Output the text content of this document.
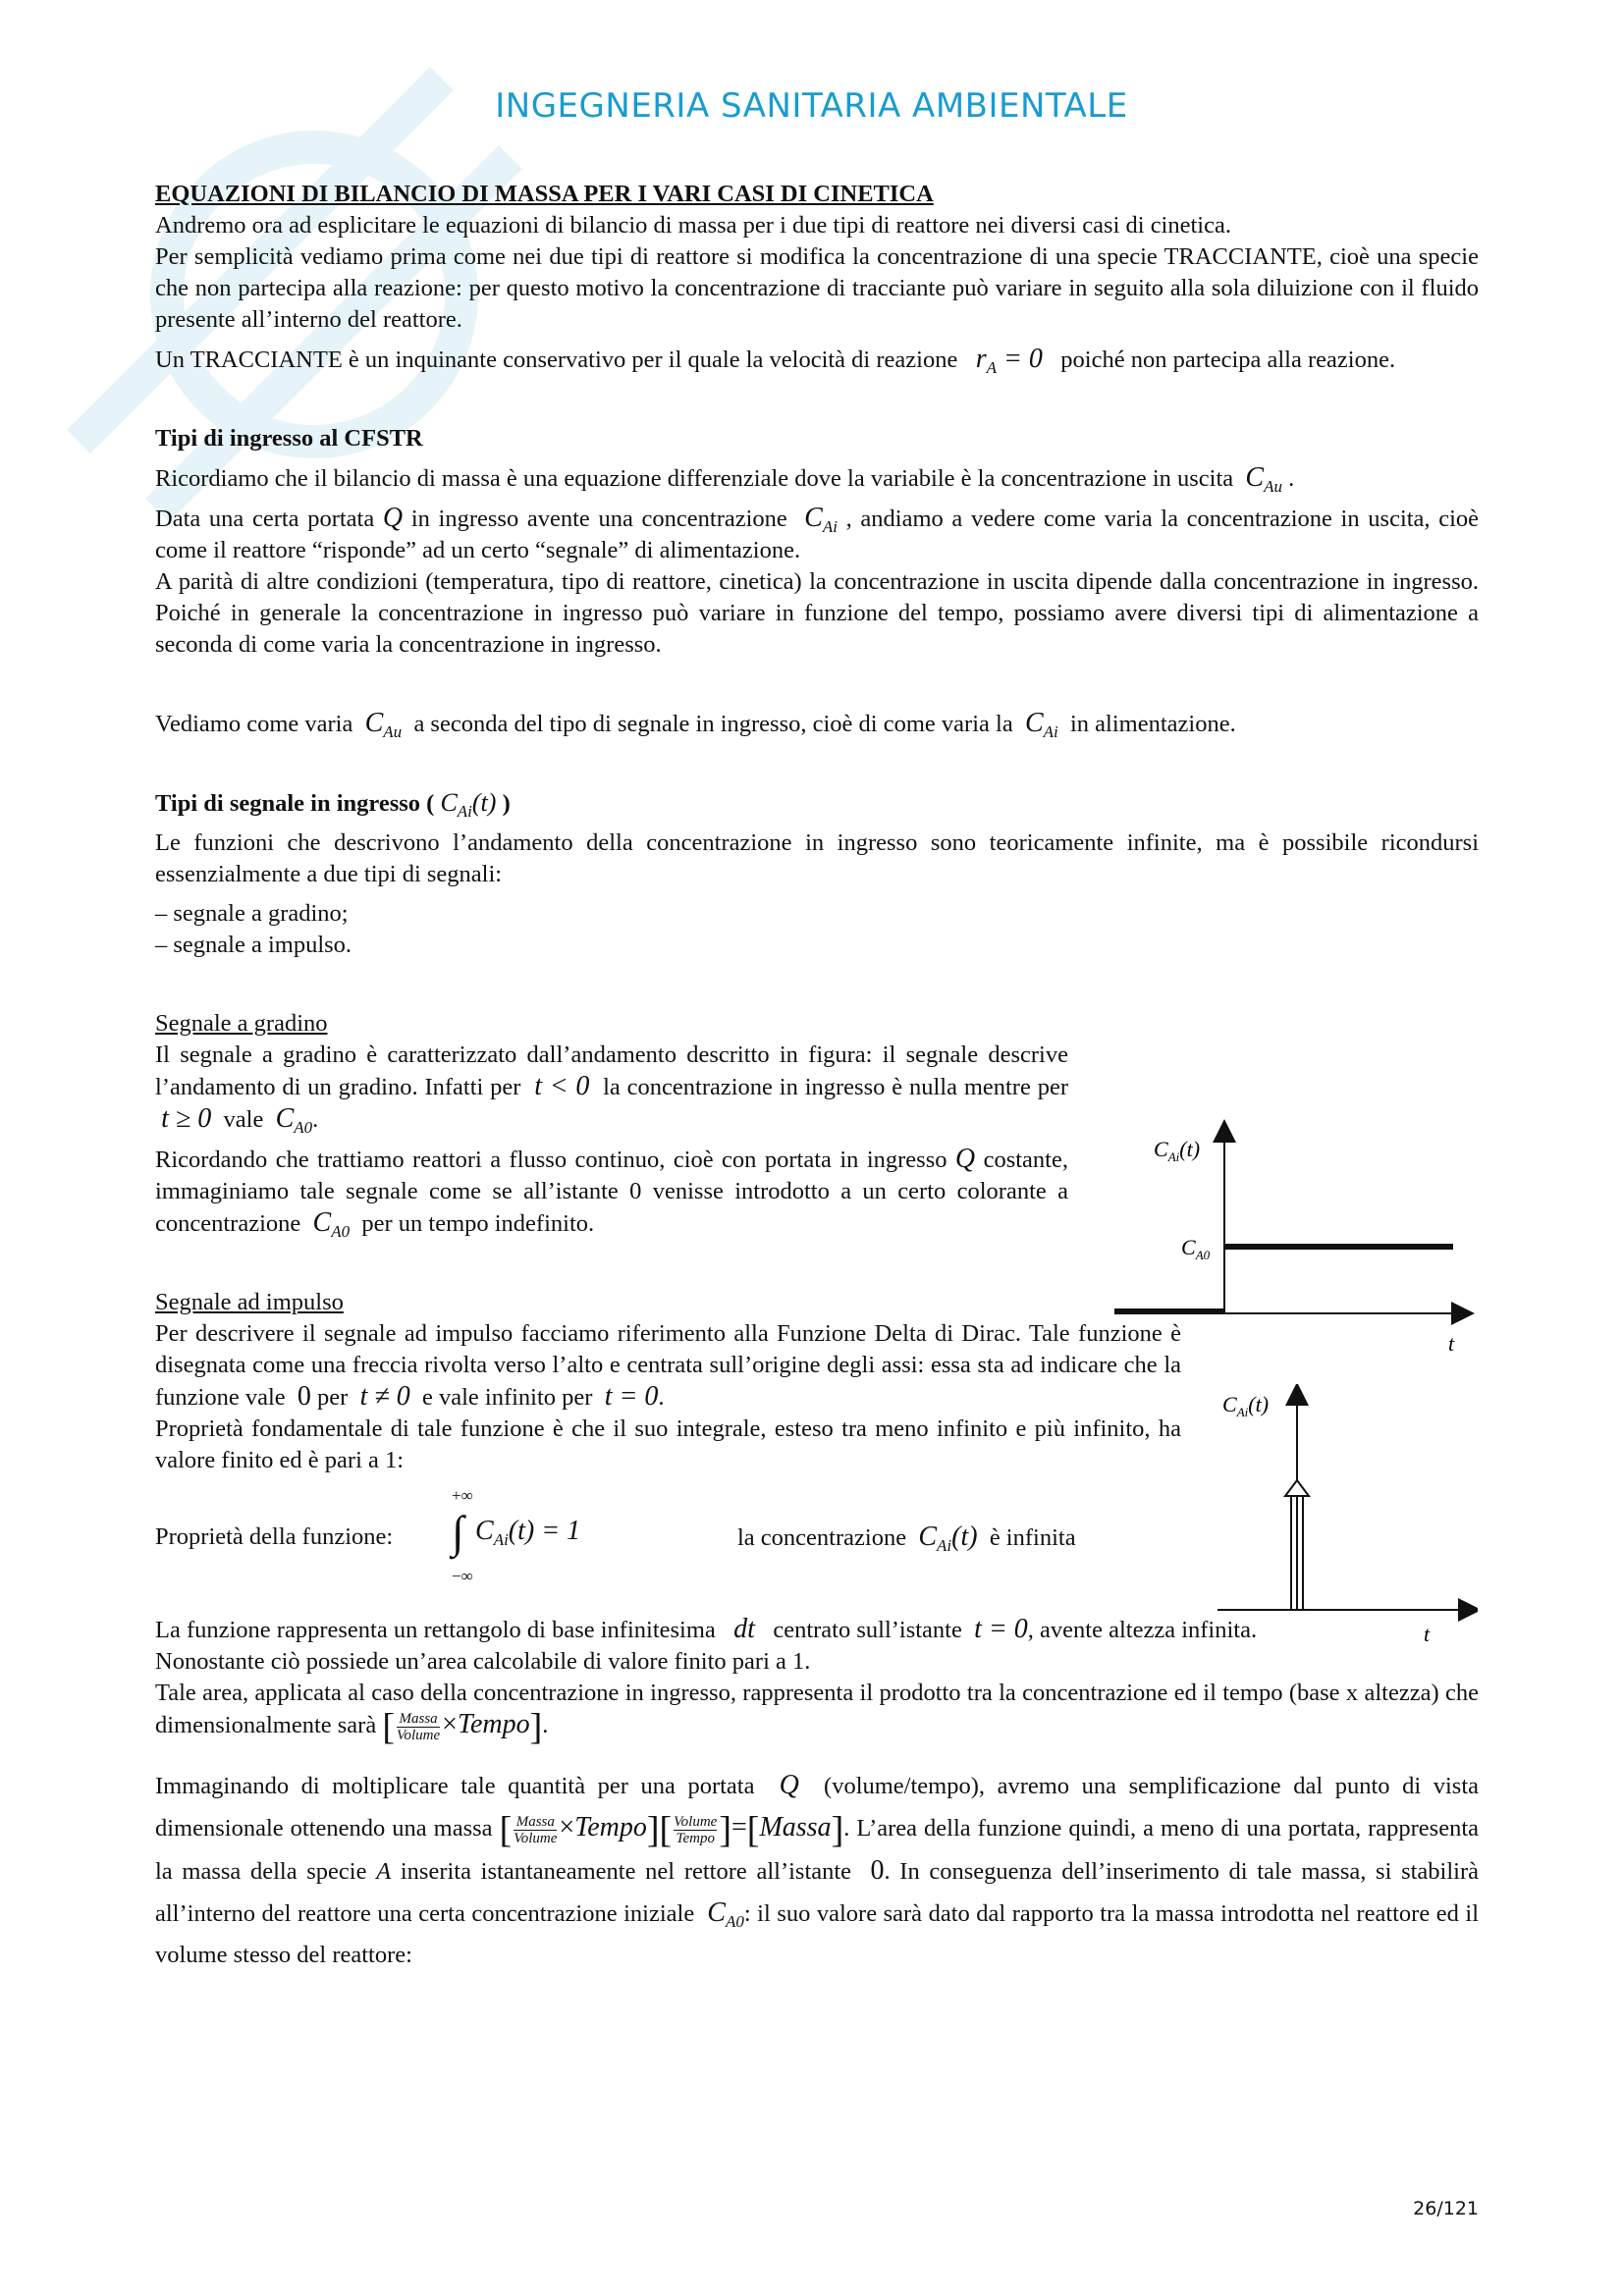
INGEGNERIA SANITARIA AMBIENTALE

EQUAZIONI DI BILANCIO DI MASSA PER I VARI CASI DI CINETICA

Andremo ora ad esplicitare le equazioni di bilancio di massa per i due tipi di reattore nei diversi casi di cinetica.

Per semplicità vediamo prima come nei due tipi di reattore si modifica la concentrazione di una specie TRACCIANTE, cioè una specie che non partecipa alla reazione: per questo motivo la concentrazione di tracciante può variare in seguito alla sola diluizione con il fluido presente all’interno del reattore.

Un TRACCIANTE è un inquinante conservativo per il quale la velocità di reazione $r_A = 0$ poiché non partecipa alla reazione.

Tipi di ingresso al CFSTR

Ricordiamo che il bilancio di massa è una equazione differenziale dove la variabile è la concentrazione in uscita $C_{Au}$ .

Data una certa portata Q in ingresso avente una concentrazione $C_{Ai}$ , andiamo a vedere come varia la concentrazione in uscita, cioè come il reattore “risponde” ad un certo “segnale” di alimentazione.

A parità di altre condizioni (temperatura, tipo di reattore, cinetica) la concentrazione in uscita dipende dalla concentrazione in ingresso. Poiché in generale la concentrazione in ingresso può variare in funzione del tempo, possiamo avere diversi tipi di alimentazione a seconda di come varia la concentrazione in ingresso.

Vediamo come varia $C_{Au}$ a seconda del tipo di segnale in ingresso, cioè di come varia la $C_{Ai}$ in alimentazione.

Tipi di segnale in ingresso ( $C_{Ai}(t)$ )

Le funzioni che descrivono l’andamento della concentrazione in ingresso sono teoricamente infinite, ma è possibile ricondursi essenzialmente a due tipi di segnali:

– segnale a gradino;

– segnale a impulso.

Segnale a gradino

Il segnale a gradino è caratterizzato dall’andamento descritto in figura: il segnale descrive l’andamento di un gradino. Infatti per t < 0 la concentrazione in ingresso è nulla mentre per  t ≥ 0 vale $C_{A0}$.

Ricordando che trattiamo reattori a flusso continuo, cioè con portata in ingresso Q costante, immaginiamo tale segnale come se all’istante 0 venisse introdotto a un certo colorante a concentrazione $C_{A0}$ per un tempo indefinito.

Segnale ad impulso

Per descrivere il segnale ad impulso facciamo riferimento alla Funzione Delta di Dirac. Tale funzione è disegnata come una freccia rivolta verso l’alto e centrata sull’origine degli assi: essa sta ad indicare che la funzione vale 0 per t ≠ 0 e vale infinito per t = 0.

Proprietà fondamentale di tale funzione è che il suo integrale, esteso tra meno infinito e più infinito, ha valore finito ed è pari a 1:

Proprietà della funzione:
+∞
∫
−∞
$C_{Ai}(t) = 1$	la concentrazione $C_{Ai}(t)$ è infinita

La funzione rappresenta un rettangolo di base infinitesima dt centrato sull’istante t = 0, avente altezza infinita.

Nonostante ciò possiede un’area calcolabile di valore finito pari a 1.

Tale area, applicata al caso della concentrazione in ingresso, rappresenta il prodotto tra la concentrazione ed il tempo (base x altezza) che dimensionalmente sarà [ $\frac{\text{Massa}}{\text{Volume}}$ ×Tempo].

Immaginando di moltiplicare tale quantità per una portata Q (volume/tempo), avremo una semplificazione dal punto di vista dimensionale ottenendo una massa [ $\frac{\text{Massa}}{\text{Volume}}$ ×Tempo][ $\frac{\text{Volume}}{\text{Tempo}}$ ]=[Massa]. L’area della funzione quindi, a meno di una portata, rappresenta la massa della specie A inserita istantaneamente nel rettore all’istante 0. In conseguenza dell’inserimento di tale massa, si stabilirà all’interno del reattore una certa concentrazione iniziale $C_{A0}$: il suo valore sarà dato dal rapporto tra la massa introdotta nel reattore ed il volume stesso del reattore:

$C_{Ai}(t)$
$C_{A0}$
t
$C_{Ai}(t)$
t
26/121
